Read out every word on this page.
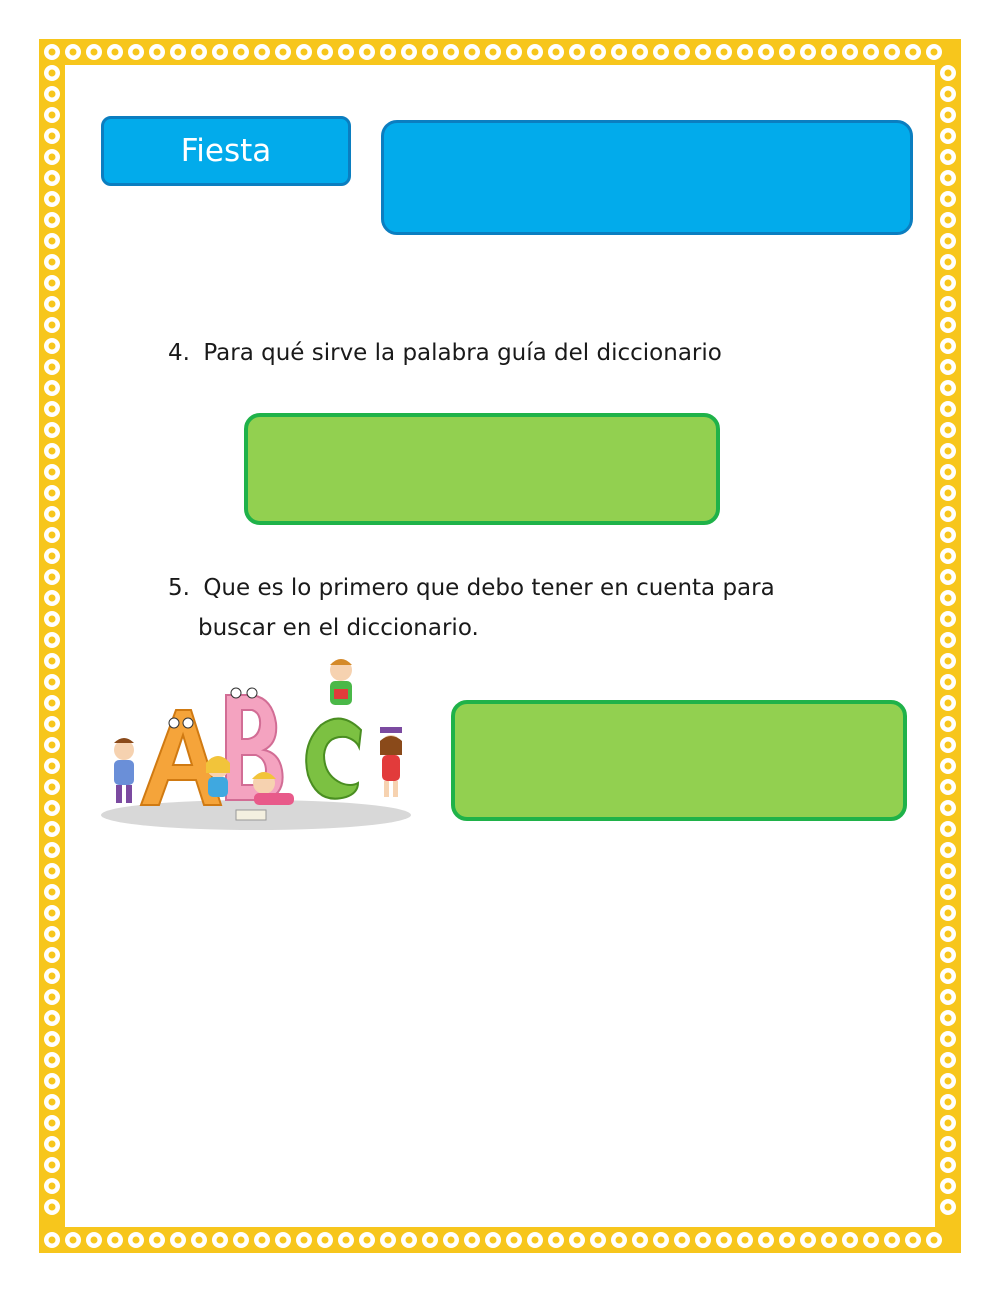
Fiesta
4. Para qué sirve la palabra guía del diccionario
5. Que es lo primero que debo tener en cuenta para
buscar en el diccionario.
